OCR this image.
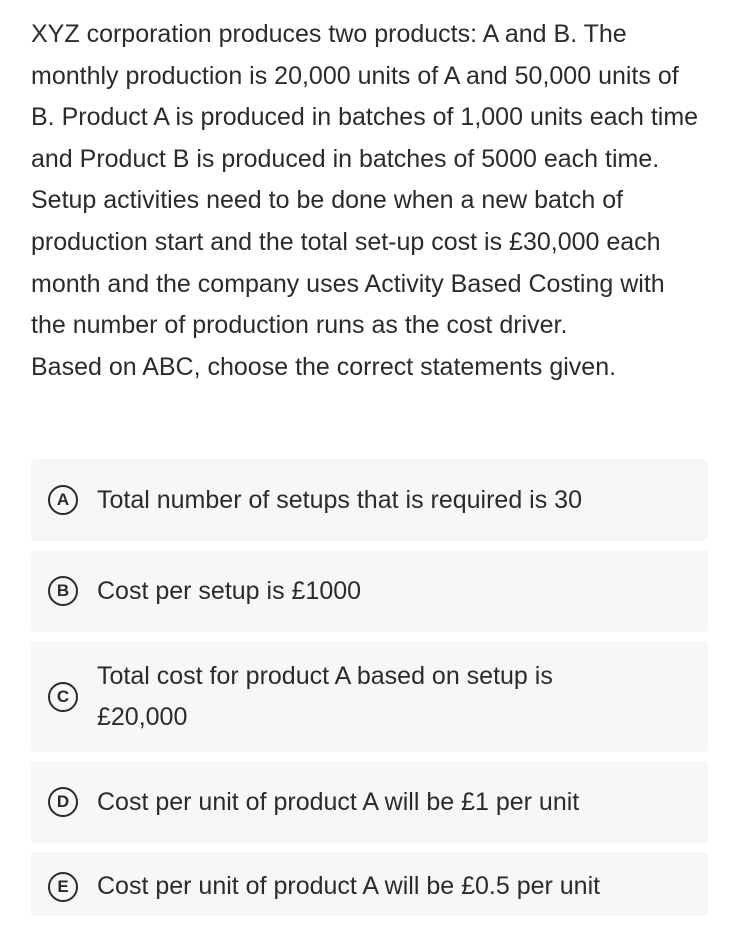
XYZ corporation produces two products: A and B. The monthly production is 20,000 units of A and 50,000 units of B. Product A is produced in batches of 1,000 units each time and Product B is produced in batches of 5000 each time. Setup activities need to be done when a new batch of production start and the total set-up cost is £30,000 each month and the company uses Activity Based Costing with the number of production runs as the cost driver.

Based on ABC, choose the correct statements given.

A	Total number of setups that is required is 30
B	Cost per setup is £1000
C
Total cost for product A based on setup is £20,000
D	Cost per unit of product A will be £1 per unit
E	Cost per unit of product A will be £0.5 per unit
